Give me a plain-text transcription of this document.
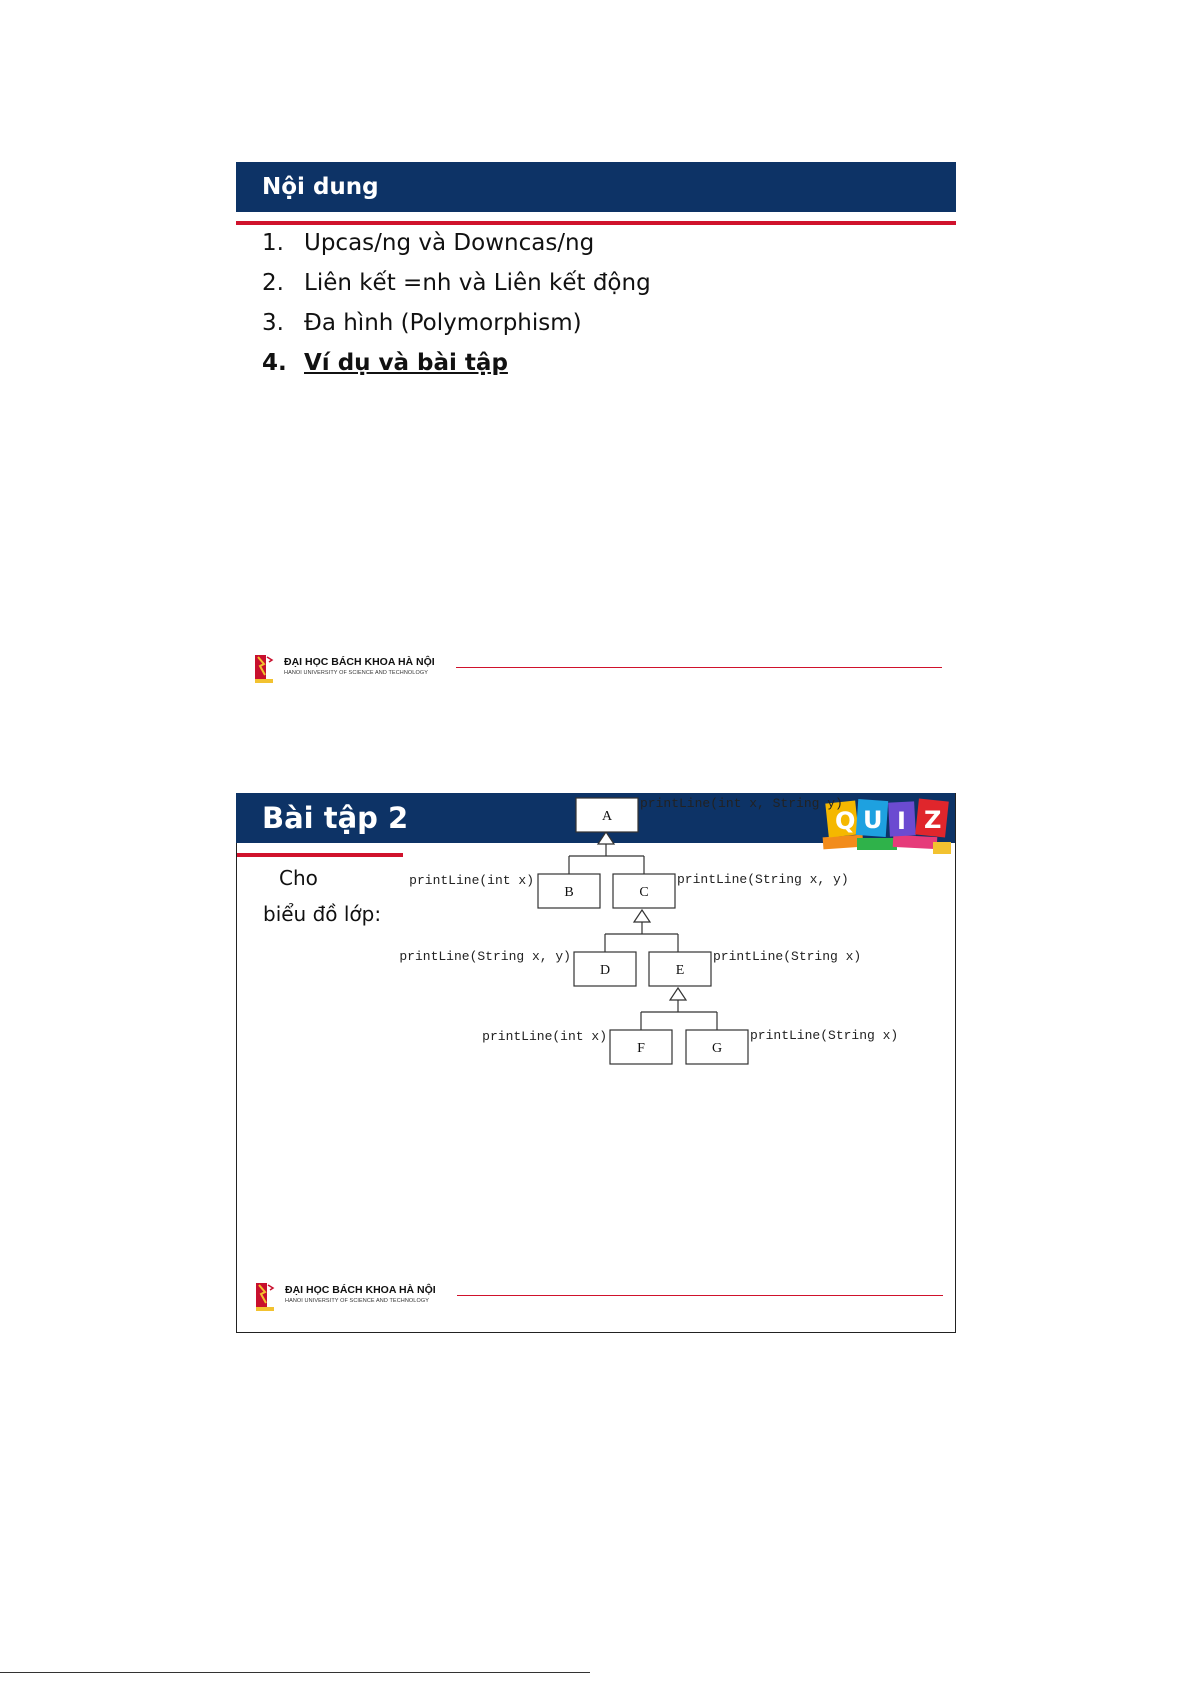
Nội dung
1. Upcas/ng và Downcas/ng
2. Liên kết =nh và Liên kết động
3. Đa hình (Polymorphism)
4. Ví dụ và bài tập
ĐẠI HỌC BÁCH KHOA HÀ NỘI
HANOI UNIVERSITY OF SCIENCE AND TECHNOLOGY
Bài tập 2	Q U I Z
Cho
biểu đồ lớp:
A
B	C
D	E
F	G
printLine(int x, String y)
printLine(int x)	printLine(String x, y)
printLine(String x, y)	printLine(String x)
printLine(int x)	printLine(String x)
ĐẠI HỌC BÁCH KHOA HÀ NỘI
HANOI UNIVERSITY OF SCIENCE AND TECHNOLOGY
